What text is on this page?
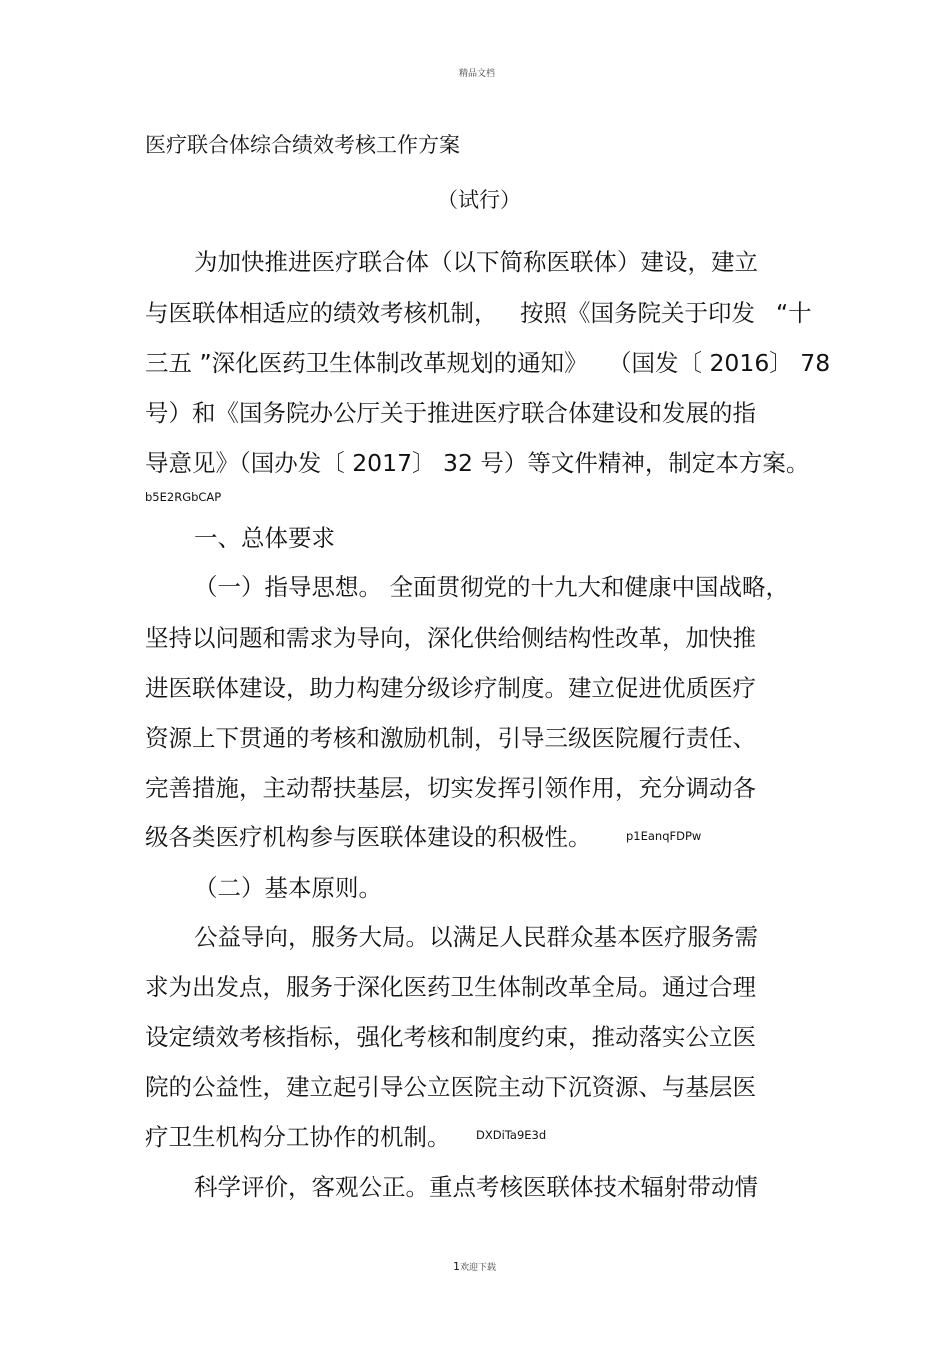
精品文档
医疗联合体综合绩效考核工作方案
（试行）
为加快推进医疗联合体（以下简称医联体）建设，建立
与医联体相适应的绩效考核机制， 按照《国务院关于印发 “十
三五 ”深化医药卫生体制改革规划的通知》 （国发〔 2016〕 78
号）和《国务院办公厅关于推进医疗联合体建设和发展的指
导意见》（国办发〔 2017〕 32 号）等文件精神，制定本方案。
b5E2RGbCAP
一、总体要求
（一）指导思想。 全面贯彻党的十九大和健康中国战略，
坚持以问题和需求为导向，深化供给侧结构性改革，加快推
进医联体建设，助力构建分级诊疗制度。建立促进优质医疗
资源上下贯通的考核和激励机制，引导三级医院履行责任、
完善措施，主动帮扶基层，切实发挥引领作用，充分调动各
级各类医疗机构参与医联体建设的积极性。	p1EanqFDPw
（二）基本原则。
公益导向，服务大局。以满足人民群众基本医疗服务需
求为出发点，服务于深化医药卫生体制改革全局。通过合理
设定绩效考核指标，强化考核和制度约束，推动落实公立医
院的公益性，建立起引导公立医院主动下沉资源、与基层医
疗卫生机构分工协作的机制。 DXDiTa9E3d
科学评价，客观公正。重点考核医联体技术辐射带动情
1欢迎下载
